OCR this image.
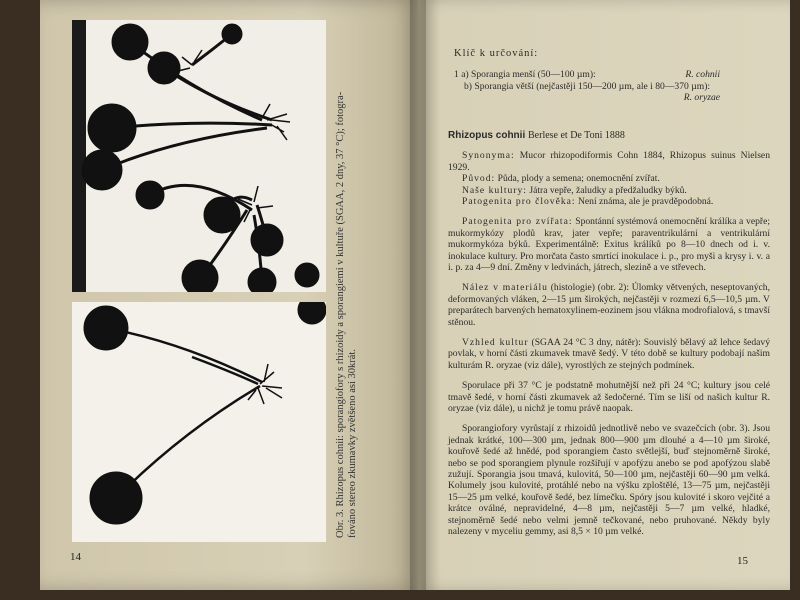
Obr. 3. Rhizopus cohnii: sporangiofory s rhizoidy a sporangiemi v kultuře (SGAA, 2 dny, 37 °C); fotogra- fováno stereo zkumavky zvětšeno asi 30krát.
14
Klíč k určování:
1 a) Sporangia menší (50—100 µm):	R. cohnii
b) Sporangia větší (nejčastěji 150—200 µm, ale i 80—370 µm):
R. oryzae
Rhizopus cohnii Berlese et De Toni 1888

Synonyma: Mucor rhizopodiformis Cohn 1884, Rhizopus suinus Nielsen 1929.

Původ: Půda, plody a semena; onemocnění zvířat.

Naše kultury: Játra vepře, žaludky a předžaludky býků.

Patogenita pro člověka: Není známa, ale je pravděpodobná.

Patogenita pro zvířata: Spontánní systémová onemocnění králíka a vepře; mukormykózy plodů krav, jater vepře; paraventrikulární a ventrikulární mukormykóza býků. Experimentálně: Exitus králíků po 8—10 dnech od i. v. inokulace kultury. Pro morčata často smrtící inokulace i. p., pro myši a krysy i. v. a i. p. za 4—9 dní. Změny v ledvinách, játrech, slezině a ve střevech.

Nález v materiálu (histologie) (obr. 2): Úlomky větvených, neseptovaných, deformovaných vláken, 2—15 µm širokých, nejčastěji v rozmezí 6,5—10,5 µm. V preparátech barvených hematoxylinem-eozinem jsou vlákna modrofialová, s tmavší stěnou.

Vzhled kultur (SGAA 24 °C 3 dny, nátěr): Souvislý bělavý až lehce šedavý povlak, v horní části zkumavek tmavě šedý. V této době se kultury podobají našim kulturám R. oryzae (viz dále), vyrostlých ze stejných podmínek.

Sporulace při 37 °C je podstatně mohutnější než při 24 °C; kultury jsou celé tmavě šedé, v horní části zkumavek až šedočerné. Tím se liší od našich kultur R. oryzae (viz dále), u nichž je tomu právě naopak.

Sporangiofory vyrůstají z rhizoidů jednotlivě nebo ve svazečcích (obr. 3). Jsou jednak krátké, 100—300 µm, jednak 800—900 µm dlouhé a 4—10 µm široké, kouřově šedé až hnědé, pod sporangiem často světlejší, buď stejnoměrně široké, nebo se pod sporangiem plynule rozšiřují v apofýzu anebo se pod apofýzou slabě zužují. Sporangia jsou tmavá, kulovitá, 50—100 µm, nejčastěji 60—90 µm velká. Kolumely jsou kulovité, protáhlé nebo na výšku zploštělé, 13—75 µm, nejčastěji 15—25 µm velké, kouřově šedé, bez límečku. Spóry jsou kulovité i skoro vejčité a krátce oválné, nepravidelné, 4—8 µm, nejčastěji 5—7 µm velké, hladké, stejnoměrně šedé nebo velmi jemně tečkované, nebo pruhované. Někdy byly nalezeny v myceliu gemmy, asi 8,5 × 10 µm velké.

15
